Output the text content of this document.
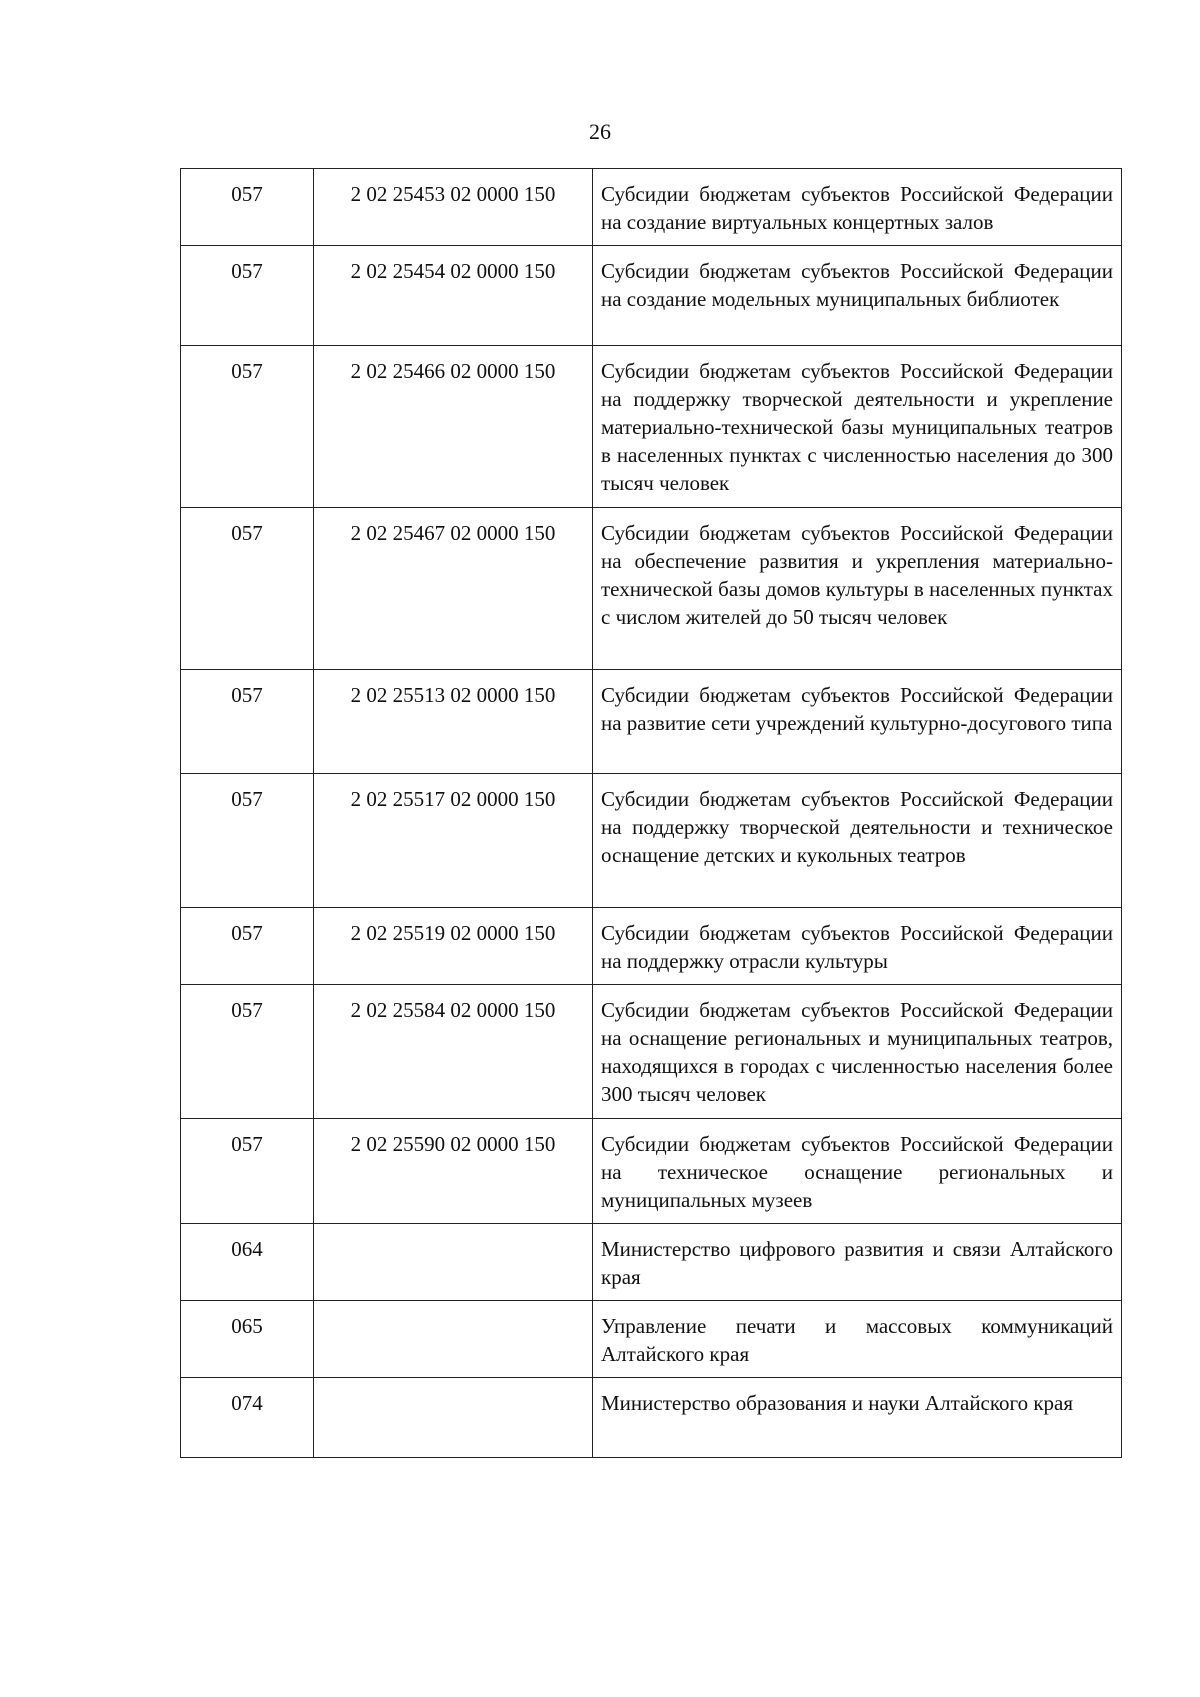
26
057	2 02 25453 02 0000 150	Субсидии бюджетам субъектов Российской Федерации на создание виртуальных концертных залов
057	2 02 25454 02 0000 150	Субсидии бюджетам субъектов Российской Федерации на создание модельных муниципальных библиотек
057	2 02 25466 02 0000 150	Субсидии бюджетам субъектов Российской Федерации на поддержку творческой деятельности и укрепление материально-технической базы муниципальных театров в населенных пунктах с численностью населения до 300 тысяч человек
057	2 02 25467 02 0000 150	Субсидии бюджетам субъектов Российской Федерации на обеспечение развития и укрепления материально-технической базы домов культуры в населенных пунктах с числом жителей до 50 тысяч человек
057	2 02 25513 02 0000 150	Субсидии бюджетам субъектов Российской Федерации на развитие сети учреждений культурно-досугового типа
057	2 02 25517 02 0000 150	Субсидии бюджетам субъектов Российской Федерации на поддержку творческой деятельности и техническое оснащение детских и кукольных театров
057	2 02 25519 02 0000 150	Субсидии бюджетам субъектов Российской Федерации на поддержку отрасли культуры
057	2 02 25584 02 0000 150	Субсидии бюджетам субъектов Российской Федерации на оснащение региональных и муниципальных театров, находящихся в городах с численностью населения более 300 тысяч человек
057	2 02 25590 02 0000 150	Субсидии бюджетам субъектов Российской Федерации на техническое оснащение региональных и муниципальных музеев
064		Министерство цифрового развития и связи Алтайского края
065		Управление печати и массовых коммуникаций Алтайского края
074		Министерство образования и науки Алтайского края
